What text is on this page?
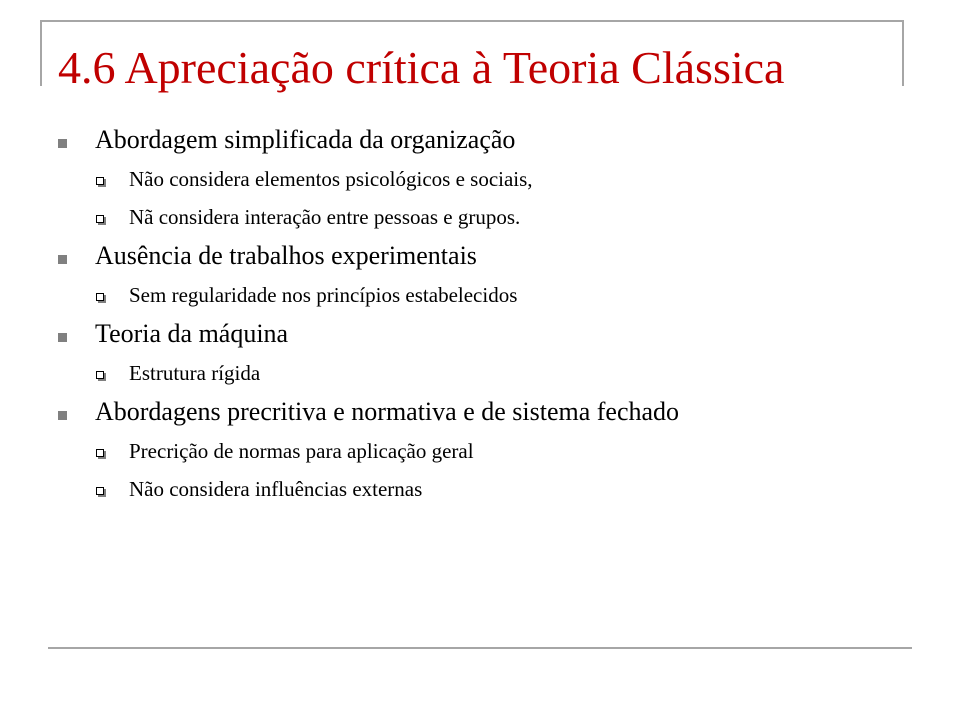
4.6 Apreciação crítica à Teoria Clássica
Abordagem simplificada da organização
Não considera elementos psicológicos e sociais,
Nã considera interação entre pessoas e grupos.
Ausência de trabalhos experimentais
Sem regularidade nos princípios estabelecidos
Teoria da máquina
Estrutura rígida
Abordagens precritiva e normativa e de sistema fechado
Precrição de normas para aplicação geral
Não considera influências externas
